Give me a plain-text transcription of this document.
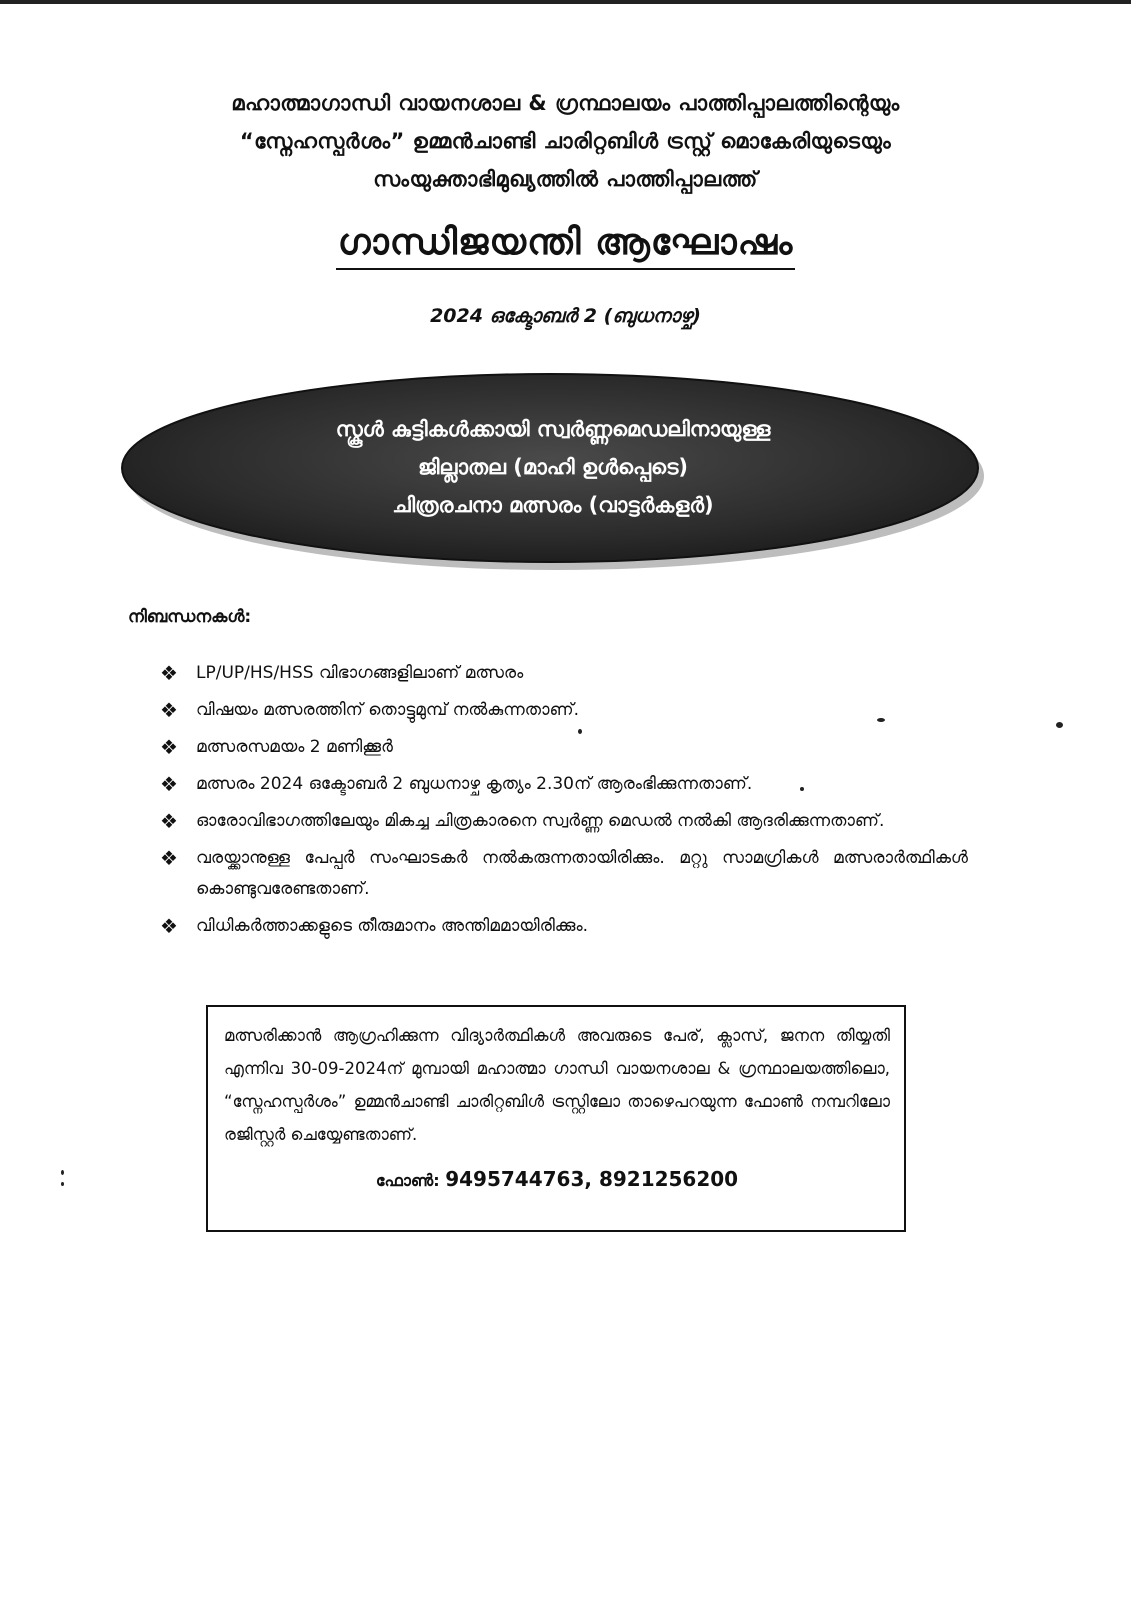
മഹാത്മാഗാന്ധി വായനശാല & ഗ്രന്ഥാലയം പാത്തിപ്പാലത്തിന്റെയും
“സ്നേഹസ്പർശം” ഉമ്മൻചാണ്ടി ചാരിറ്റബിൾ ട്രസ്റ്റ് മൊകേരിയുടെയും
സംയുക്താഭിമുഖ്യത്തിൽ പാത്തിപ്പാലത്ത്
ഗാന്ധിജയന്തി ആഘോഷം
2024 ഒക്ടോബർ 2 (ബുധനാഴ്ച)
സ്കൂൾ കുട്ടികൾക്കായി സ്വർണ്ണമെഡലിനായുള്ള
ജില്ലാതല (മാഹി ഉൾപ്പെടെ)
ചിത്രരചനാ മത്സരം (വാട്ടർകളർ)
നിബന്ധനകൾ:
❖ LP/UP/HS/HSS വിഭാഗങ്ങളിലാണ് മത്സരം
❖ വിഷയം മത്സരത്തിന് തൊട്ടുമുമ്പ് നൽകുന്നതാണ്.
❖ മത്സരസമയം 2 മണിക്കൂർ
❖ മത്സരം 2024 ഒക്ടോബർ 2 ബുധനാഴ്ച കൃത്യം 2.30ന് ആരംഭിക്കുന്നതാണ്.
❖ ഓരോവിഭാഗത്തിലേയും മികച്ച ചിത്രകാരനെ സ്വർണ്ണ മെഡൽ നൽകി ആദരിക്കുന്നതാണ്.
❖ വരയ്ക്കാനുള്ള പേപ്പർ സംഘാടകർ നൽകരുന്നതായിരിക്കും. മറ്റു സാമഗ്രികൾ മത്സരാർത്ഥികൾ കൊണ്ടുവരേണ്ടതാണ്.
❖ വിധികർത്താക്കളുടെ തീരുമാനം അന്തിമമായിരിക്കും.
മത്സരിക്കാൻ ആഗ്രഹിക്കുന്ന വിദ്യാർത്ഥികൾ അവരുടെ പേര്, ക്ലാസ്, ജനന തിയ്യതി എന്നിവ 30-09-2024ന് മുമ്പായി മഹാത്മാ ഗാന്ധി വായനശാല & ഗ്രന്ഥാലയത്തിലൊ, “സ്നേഹസ്പർശം” ഉമ്മൻചാണ്ടി ചാരിറ്റബിൾ ട്രസ്റ്റിലോ താഴെപറയുന്ന ഫോൺ നമ്പറിലോ രജിസ്റ്റർ ചെയ്യേണ്ടതാണ്.
ഫോൺ: 9495744763, 8921256200
